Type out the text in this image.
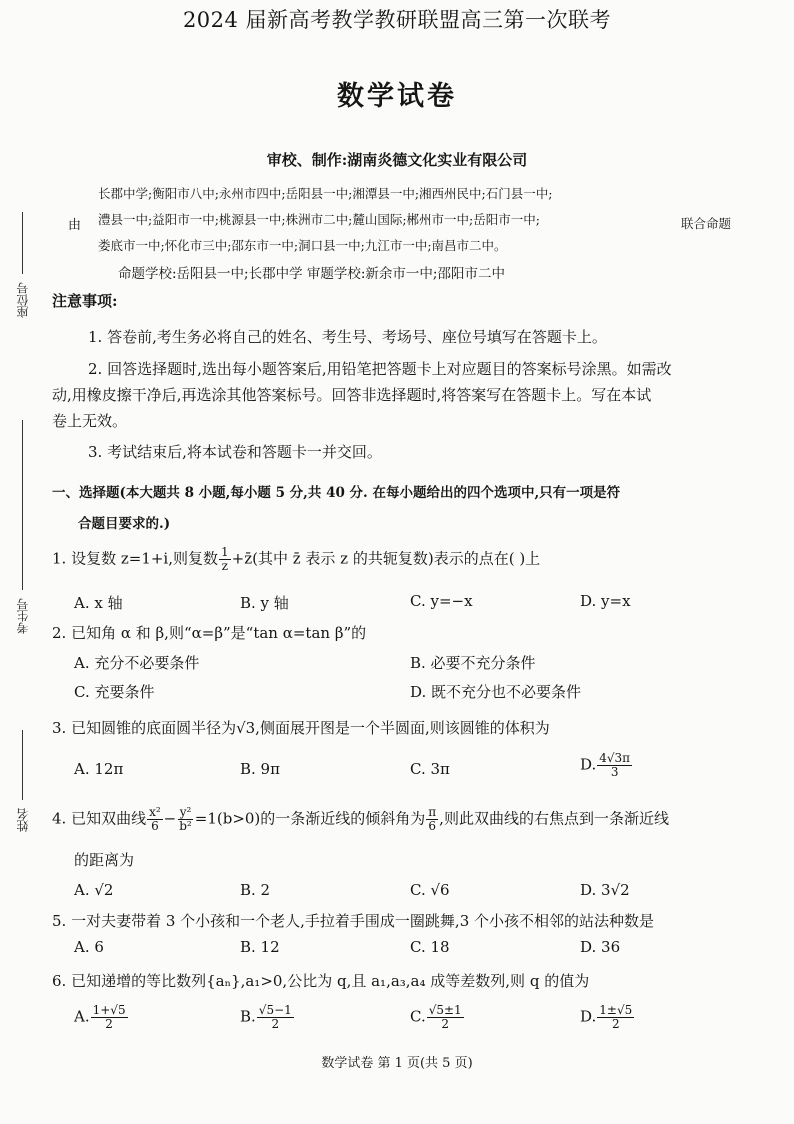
座位号
考生号
姓名
2024 届新高考教学教研联盟高三第一次联考
数学试卷
审校、制作:湖南炎德文化实业有限公司
长郡中学;衡阳市八中;永州市四中;岳阳县一中;湘潭县一中;湘西州民中;石门县一中;
澧县一中;益阳市一中;桃源县一中;株洲市二中;麓山国际;郴州市一中;岳阳市一中;
娄底市一中;怀化市三中;邵东市一中;洞口县一中;九江市一中;南昌市二中。
由	联合命题
命题学校:岳阳县一中;长郡中学 审题学校:新余市一中;邵阳市二中
注意事项:
1. 答卷前,考生务必将自己的姓名、考生号、考场号、座位号填写在答题卡上。
2. 回答选择题时,选出每小题答案后,用铅笔把答题卡上对应题目的答案标号涂黑。如需改
动,用橡皮擦干净后,再选涂其他答案标号。回答非选择题时,将答案写在答题卡上。写在本试
卷上无效。
3. 考试结束后,将本试卷和答题卡一并交回。
一、选择题(本大题共 8 小题,每小题 5 分,共 40 分. 在每小题给出的四个选项中,只有一项是符
合题目要求的.)
1. 设复数 z=1+i,则复数 $\frac{1}{z}$ +z̄(其中 z̄ 表示 z 的共轭复数)表示的点在( )上
A. x 轴	B. y 轴	C. y=−x	D. y=x
2. 已知角 α 和 β,则“α=β”是“tan α=tan β”的
A. 充分不必要条件	B. 必要不充分条件
C. 充要条件	D. 既不充分也不必要条件
3. 已知圆锥的底面圆半径为√3,侧面展开图是一个半圆面,则该圆锥的体积为
A. 12π	B. 9π	C. 3π	D. $\frac{4√3\pi}{3}$
4. 已知双曲线 $\frac{\text{x²}}{6} - \frac{\text{y²}}{\text{b²}} =1(b>0)$的一条渐近线的倾斜角为 $\frac{\pi}{6}$ ,则此双曲线的右焦点到一条渐近线
的距离为
A. √2	B. 2	C. √6	D. 3√2
5. 一对夫妻带着 3 个小孩和一个老人,手拉着手围成一圈跳舞,3 个小孩不相邻的站法种数是
A. 6	B. 12	C. 18	D. 36
6. 已知递增的等比数列{aₙ},a₁>0,公比为 q,且 a₁,a₃,a₄ 成等差数列,则 q 的值为
A. $\frac{1+√5}{2}$	B. $\frac{√5-1}{2}$	C. $\frac{√5\pm 1}{2}$	D. $\frac{1\pm√5}{2}$
数学试卷 第 1 页(共 5 页)
